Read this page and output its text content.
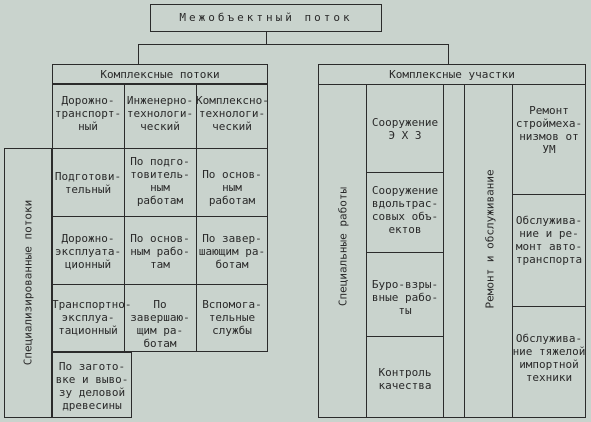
Межобъектный поток
Комплексные потоки
Специализированные потоки
Дорожно-
транспорт-
ный
Инженерно-
технологи-
ческий
Комплексно-
технологи-
ческий
Подготови-
тельный
По подго-
товитель-
ным
работам
По основ-
ным работам
Дорожно-
эксплуата-
ционный
По основ-
ным рабо-
там
По завер-
шающим ра-
ботам
Транспортно-
эксплуа-
тационный
По завершаю-
щим ра-
ботам
Вспомога-
тельные
службы
По загото-
вке и выво-
зу деловой
древесины
Комплексные участки
Специальные работы
Сооружение
Э Х З
Сооружение
вдольтрас-
совых объ-
ектов
Буро-взры-
вные рабо-
ты
Контроль
качества
Ремонт и обслуживание
Ремонт
строймеха-
низмов от
УМ
Обслужива-
ние и ре-
монт авто-
транспорта
Обслужива-
ние тяжелой
импортной
техники
